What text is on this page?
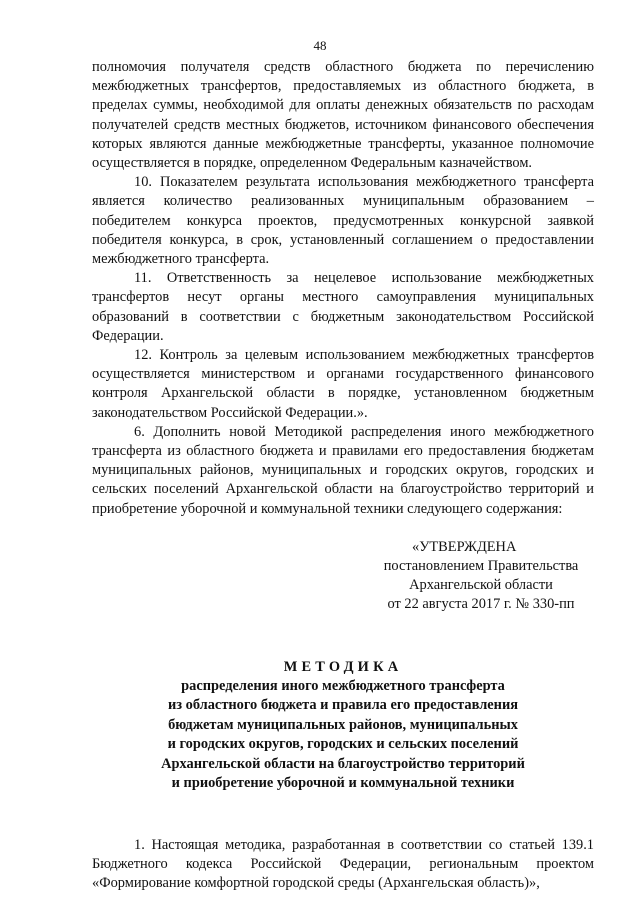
48

полномочия получателя средств областного бюджета по перечислению межбюджетных трансфертов, предоставляемых из областного бюджета, в пределах суммы, необходимой для оплаты денежных обязательств по расходам получателей средств местных бюджетов, источником финансового обеспечения которых являются данные межбюджетные трансферты, указанное полномочие осуществляется в порядке, определенном Федеральным казначейством.

10. Показателем результата использования межбюджетного трансферта является количество реализованных муниципальным образованием – победителем конкурса проектов, предусмотренных конкурсной заявкой победителя конкурса, в срок, установленный соглашением о предоставлении межбюджетного трансферта.

11. Ответственность за нецелевое использование межбюджетных трансфертов несут органы местного самоуправления муниципальных образований в соответствии с бюджетным законодательством Российской Федерации.

12. Контроль за целевым использованием межбюджетных трансфертов осуществляется министерством и органами государственного финансового контроля Архангельской области в порядке, установленном бюджетным законодательством Российской Федерации.».

6. Дополнить новой Методикой распределения иного межбюджетного трансферта из областного бюджета и правилами его предоставления бюджетам муниципальных районов, муниципальных и городских округов, городских и сельских поселений Архангельской области на благоустройство территорий и приобретение уборочной и коммунальной техники следующего содержания:

«УТВЕРЖДЕНА
постановлением Правительства
Архангельской области
от 22 августа 2017 г. № 330-пп
МЕТОДИКА
распределения иного межбюджетного трансферта
из областного бюджета и правила его предоставления
бюджетам муниципальных районов, муниципальных
и городских округов, городских и сельских поселений
Архангельской области на благоустройство территорий
и приобретение уборочной и коммунальной техники

1. Настоящая методика, разработанная в соответствии со статьей 139.1 Бюджетного кодекса Российской Федерации, региональным проектом «Формирование комфортной городской среды (Архангельская область)»,
